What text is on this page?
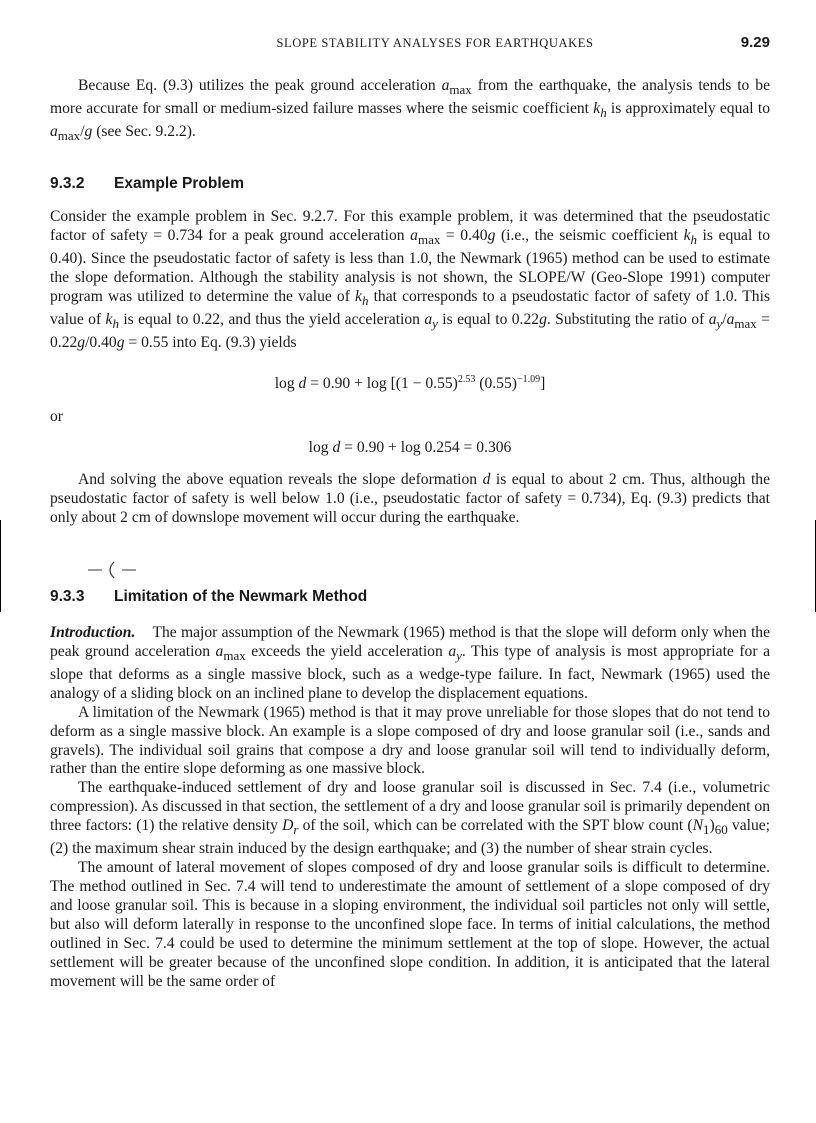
SLOPE STABILITY ANALYSES FOR EARTHQUAKES	9.29

Because Eq. (9.3) utilizes the peak ground acceleration $a_{max}$ from the earthquake, the analysis tends to be more accurate for small or medium-sized failure masses where the seismic coefficient $k_h$ is approximately equal to $a_{max}/g$ (see Sec. 9.2.2).

9.3.2 Example Problem

Consider the example problem in Sec. 9.2.7. For this example problem, it was determined that the pseudostatic factor of safety = 0.734 for a peak ground acceleration $a_{max} = 0.40g$ (i.e., the seismic coefficient $k_h$ is equal to 0.40). Since the pseudostatic factor of safety is less than 1.0, the Newmark (1965) method can be used to estimate the slope deformation. Although the stability analysis is not shown, the SLOPE/W (Geo-Slope 1991) computer program was utilized to determine the value of $k_h$ that corresponds to a pseudostatic factor of safety of 1.0. This value of $k_h$ is equal to 0.22, and thus the yield acceleration $a_y$ is equal to 0.22g. Substituting the ratio of $a_y/a_{max} = 0.22g/0.40g = 0.55$ into Eq. (9.3) yields

$\log d = 0.90 + \log [(1 - 0.55)^{2.53}$ $(0.55)^{-1.09}$]
or
log d = 0.90 + log 0.254 = 0.306

And solving the above equation reveals the slope deformation d is equal to about 2 cm. Thus, although the pseudostatic factor of safety is well below 1.0 (i.e., pseudostatic factor of safety = 0.734), Eq. (9.3) predicts that only about 2 cm of downslope movement will occur during the earthquake.

9.3.3 Limitation of the Newmark Method

Introduction. The major assumption of the Newmark (1965) method is that the slope will deform only when the peak ground acceleration $a_{max}$ exceeds the yield acceleration $a_y$. This type of analysis is most appropriate for a slope that deforms as a single massive block, such as a wedge-type failure. In fact, Newmark (1965) used the analogy of a sliding block on an inclined plane to develop the displacement equations.

A limitation of the Newmark (1965) method is that it may prove unreliable for those slopes that do not tend to deform as a single massive block. An example is a slope composed of dry and loose granular soil (i.e., sands and gravels). The individual soil grains that compose a dry and loose granular soil will tend to individually deform, rather than the entire slope deforming as one massive block.

The earthquake-induced settlement of dry and loose granular soil is discussed in Sec. 7.4 (i.e., volumetric compression). As discussed in that section, the settlement of a dry and loose granular soil is primarily dependent on three factors: (1) the relative density $D_r$ of the soil, which can be correlated with the SPT blow count $(N_1)_{60}$ value; (2) the maximum shear strain induced by the design earthquake; and (3) the number of shear strain cycles.

The amount of lateral movement of slopes composed of dry and loose granular soils is difficult to determine. The method outlined in Sec. 7.4 will tend to underestimate the amount of settlement of a slope composed of dry and loose granular soil. This is because in a sloping environment, the individual soil particles not only will settle, but also will deform laterally in response to the unconfined slope face. In terms of initial calculations, the method outlined in Sec. 7.4 could be used to determine the minimum settlement at the top of slope. However, the actual settlement will be greater because of the unconfined slope condition. In addition, it is anticipated that the lateral movement will be the same order of
